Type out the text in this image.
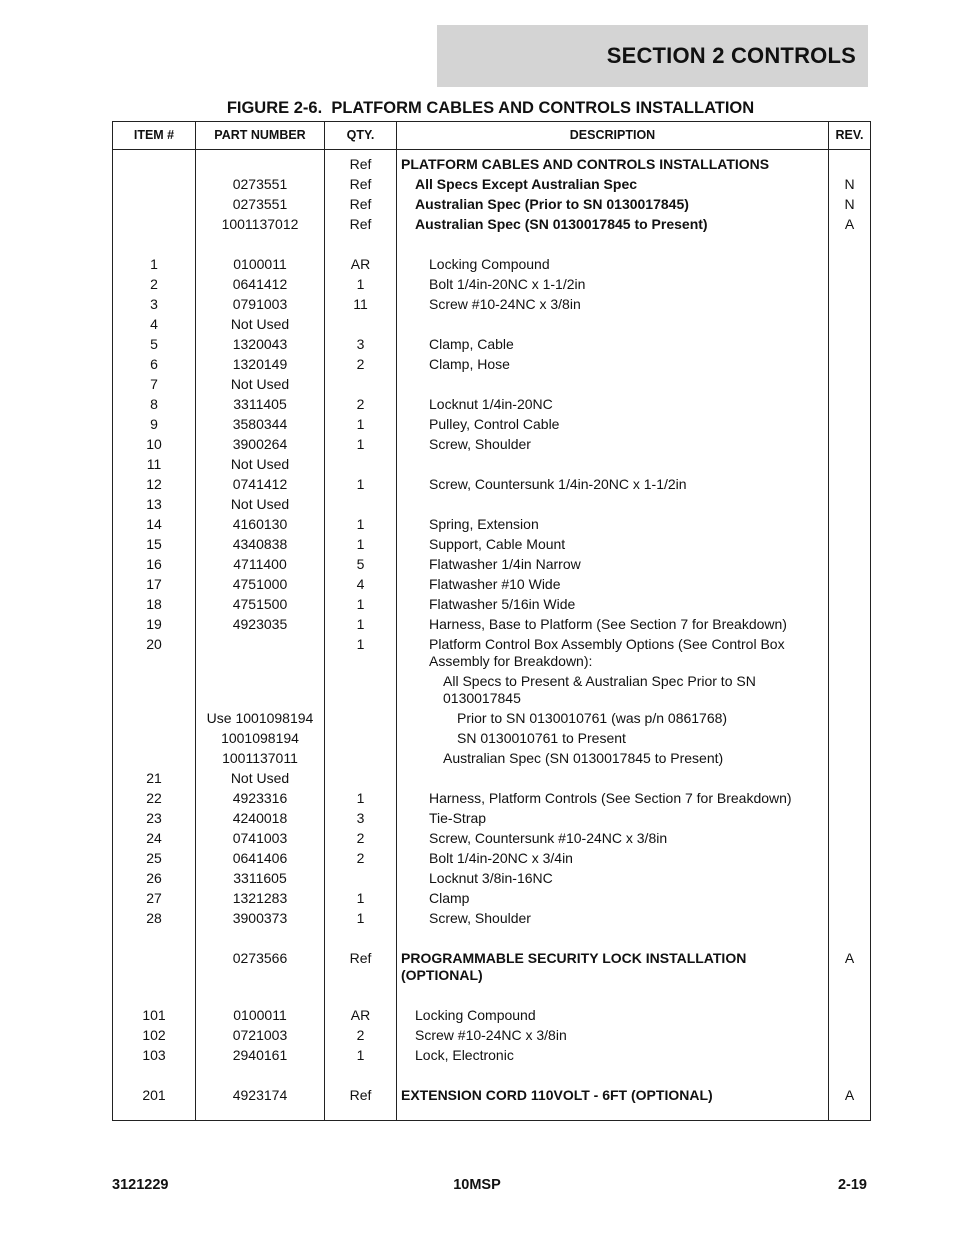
SECTION 2 CONTROLS
FIGURE 2-6.  PLATFORM CABLES AND CONTROLS INSTALLATION
ITEM #	PART NUMBER	QTY.	DESCRIPTION	REV.
		Ref	PLATFORM CABLES AND CONTROLS INSTALLATIONS	
	0273551	Ref	All Specs Except Australian Spec	N
	0273551	Ref	Australian Spec (Prior to SN 0130017845)	N
	1001137012	Ref	Australian Spec (SN 0130017845 to Present)	A

1	0100011	AR	Locking Compound	
2	0641412	1	Bolt 1/4in-20NC x 1-1/2in	
3	0791003	11	Screw #10-24NC x 3/8in	
4	Not Used			
5	1320043	3	Clamp, Cable	
6	1320149	2	Clamp, Hose	
7	Not Used			
8	3311405	2	Locknut 1/4in-20NC	
9	3580344	1	Pulley, Control Cable	
10	3900264	1	Screw, Shoulder	
11	Not Used			
12	0741412	1	Screw, Countersunk 1/4in-20NC x 1-1/2in	
13	Not Used			
14	4160130	1	Spring, Extension	
15	4340838	1	Support, Cable Mount	
16	4711400	5	Flatwasher 1/4in Narrow	
17	4751000	4	Flatwasher #10 Wide	
18	4751500	1	Flatwasher 5/16in Wide	
19	4923035	1	Harness, Base to Platform (See Section 7 for Breakdown)	
20		1	Platform Control Box Assembly Options (See Control Box Assembly for Breakdown):	
			All Specs to Present & Australian Spec Prior to SN 0130017845	
	Use 1001098194		Prior to SN 0130010761 (was p/n 0861768)	
	1001098194		SN 0130010761 to Present	
	1001137011		Australian Spec (SN 0130017845 to Present)	
21	Not Used			
22	4923316	1	Harness, Platform Controls (See Section 7 for Breakdown)	
23	4240018	3	Tie-Strap	
24	0741003	2	Screw, Countersunk #10-24NC x 3/8in	
25	0641406	2	Bolt 1/4in-20NC x 3/4in	
26	3311605		Locknut 3/8in-16NC	
27	1321283	1	Clamp	
28	3900373	1	Screw, Shoulder	

	0273566	Ref	PROGRAMMABLE SECURITY LOCK INSTALLATION (OPTIONAL)	A

101	0100011	AR	Locking Compound	
102	0721003	2	Screw #10-24NC x 3/8in	
103	2940161	1	Lock, Electronic	

201	4923174	Ref	EXTENSION CORD 110VOLT - 6FT (OPTIONAL)	A
3121229	10MSP	2-19
